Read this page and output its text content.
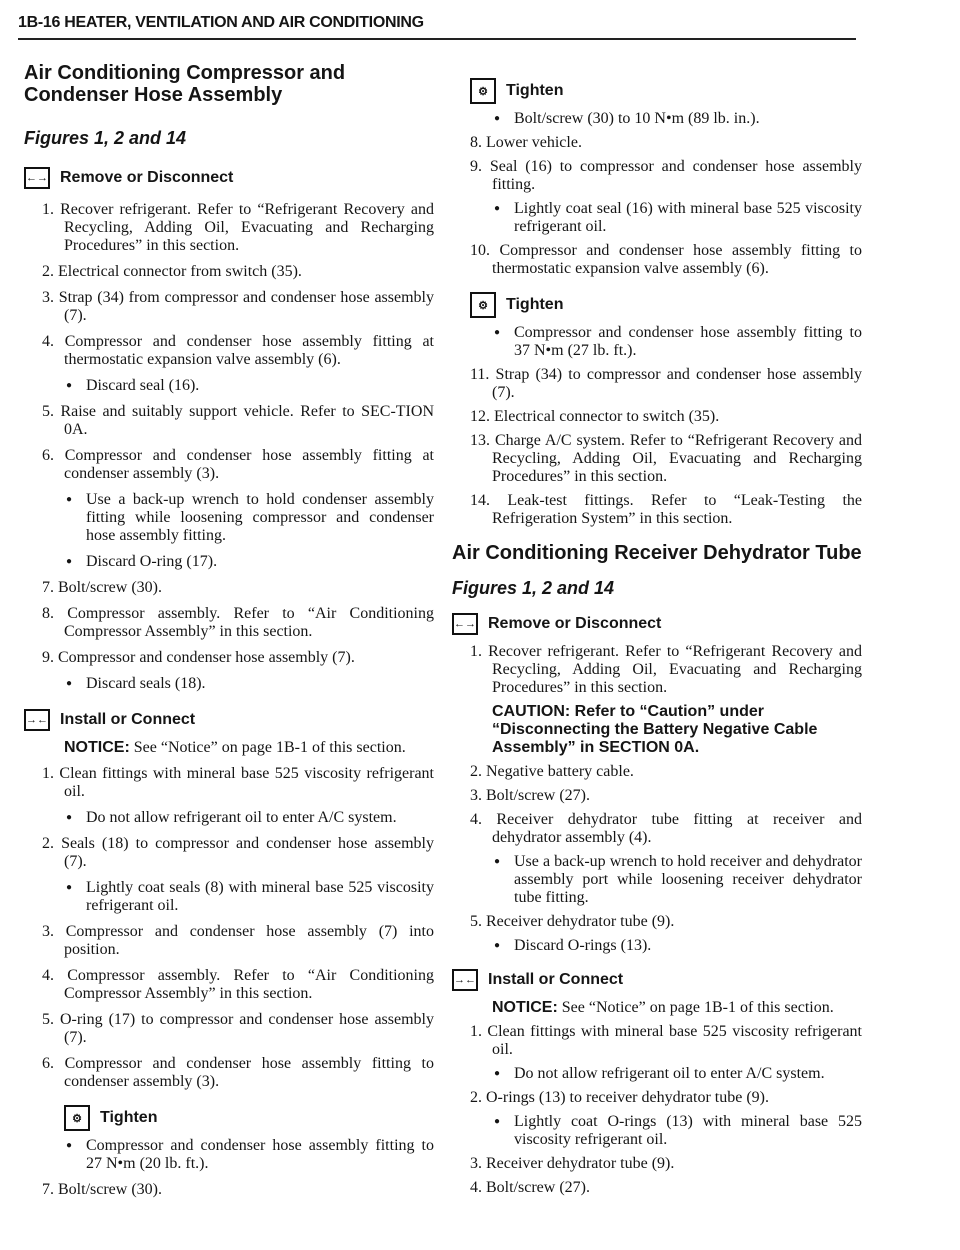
1B-16 HEATER, VENTILATION AND AIR CONDITIONING
Air Conditioning Compressor and Condenser Hose Assembly
Figures 1, 2 and 14
←→ Remove or Disconnect

1. Recover refrigerant. Refer to “Refrigerant Recovery and Recycling, Adding Oil, Evacuating and Recharging Procedures” in this section.

2. Electrical connector from switch (35).

3. Strap (34) from compressor and condenser hose assembly (7).

4. Compressor and condenser hose assembly fitting at thermostatic expansion valve assembly (6).

● Discard seal (16).

5. Raise and suitably support vehicle. Refer to SEC-TION 0A.

6. Compressor and condenser hose assembly fitting at condenser assembly (3).

● Use a back-up wrench to hold condenser assembly fitting while loosening compressor and condenser hose assembly fitting.

● Discard O-ring (17).

7. Bolt/screw (30).

8. Compressor assembly. Refer to “Air Conditioning Compressor Assembly” in this section.

9. Compressor and condenser hose assembly (7).

● Discard seals (18).

→← Install or Connect

NOTICE: See “Notice” on page 1B-1 of this section.

1. Clean fittings with mineral base 525 viscosity refrigerant oil.

● Do not allow refrigerant oil to enter A/C system.

2. Seals (18) to compressor and condenser hose assembly (7).

● Lightly coat seals (8) with mineral base 525 viscosity refrigerant oil.

3. Compressor and condenser hose assembly (7) into position.

4. Compressor assembly. Refer to “Air Conditioning Compressor Assembly” in this section.

5. O-ring (17) to compressor and condenser hose assembly (7).

6. Compressor and condenser hose assembly fitting to condenser assembly (3).

⚙	Tighten

● Compressor and condenser hose assembly fitting to 27 N•m (20 lb. ft.).

7. Bolt/screw (30).

⚙	Tighten

● Bolt/screw (30) to 10 N•m (89 lb. in.).

8. Lower vehicle.

9. Seal (16) to compressor and condenser hose assembly fitting.

● Lightly coat seal (16) with mineral base 525 viscosity refrigerant oil.

10. Compressor and condenser hose assembly fitting to thermostatic expansion valve assembly (6).

⚙	Tighten

● Compressor and condenser hose assembly fitting to 37 N•m (27 lb. ft.).

11. Strap (34) to compressor and condenser hose assembly (7).

12. Electrical connector to switch (35).

13. Charge A/C system. Refer to “Refrigerant Recovery and Recycling, Adding Oil, Evacuating and Recharging Procedures” in this section.

14. Leak-test fittings. Refer to “Leak-Testing the Refrigeration System” in this section.

Air Conditioning Receiver Dehydrator Tube
Figures 1, 2 and 14
←→ Remove or Disconnect

1. Recover refrigerant. Refer to “Refrigerant Recovery and Recycling, Adding Oil, Evacuating and Recharging Procedures” in this section.

CAUTION: Refer to “Caution” under “Disconnecting the Battery Negative Cable Assembly” in SECTION 0A.

2. Negative battery cable.

3. Bolt/screw (27).

4. Receiver dehydrator tube fitting at receiver and dehydrator assembly (4).

● Use a back-up wrench to hold receiver and dehydrator assembly port while loosening receiver dehydrator tube fitting.

5. Receiver dehydrator tube (9).

● Discard O-rings (13).

→← Install or Connect

NOTICE: See “Notice” on page 1B-1 of this section.

1. Clean fittings with mineral base 525 viscosity refrigerant oil.

● Do not allow refrigerant oil to enter A/C system.

2. O-rings (13) to receiver dehydrator tube (9).

● Lightly coat O-rings (13) with mineral base 525 viscosity refrigerant oil.

3. Receiver dehydrator tube (9).

4. Bolt/screw (27).
